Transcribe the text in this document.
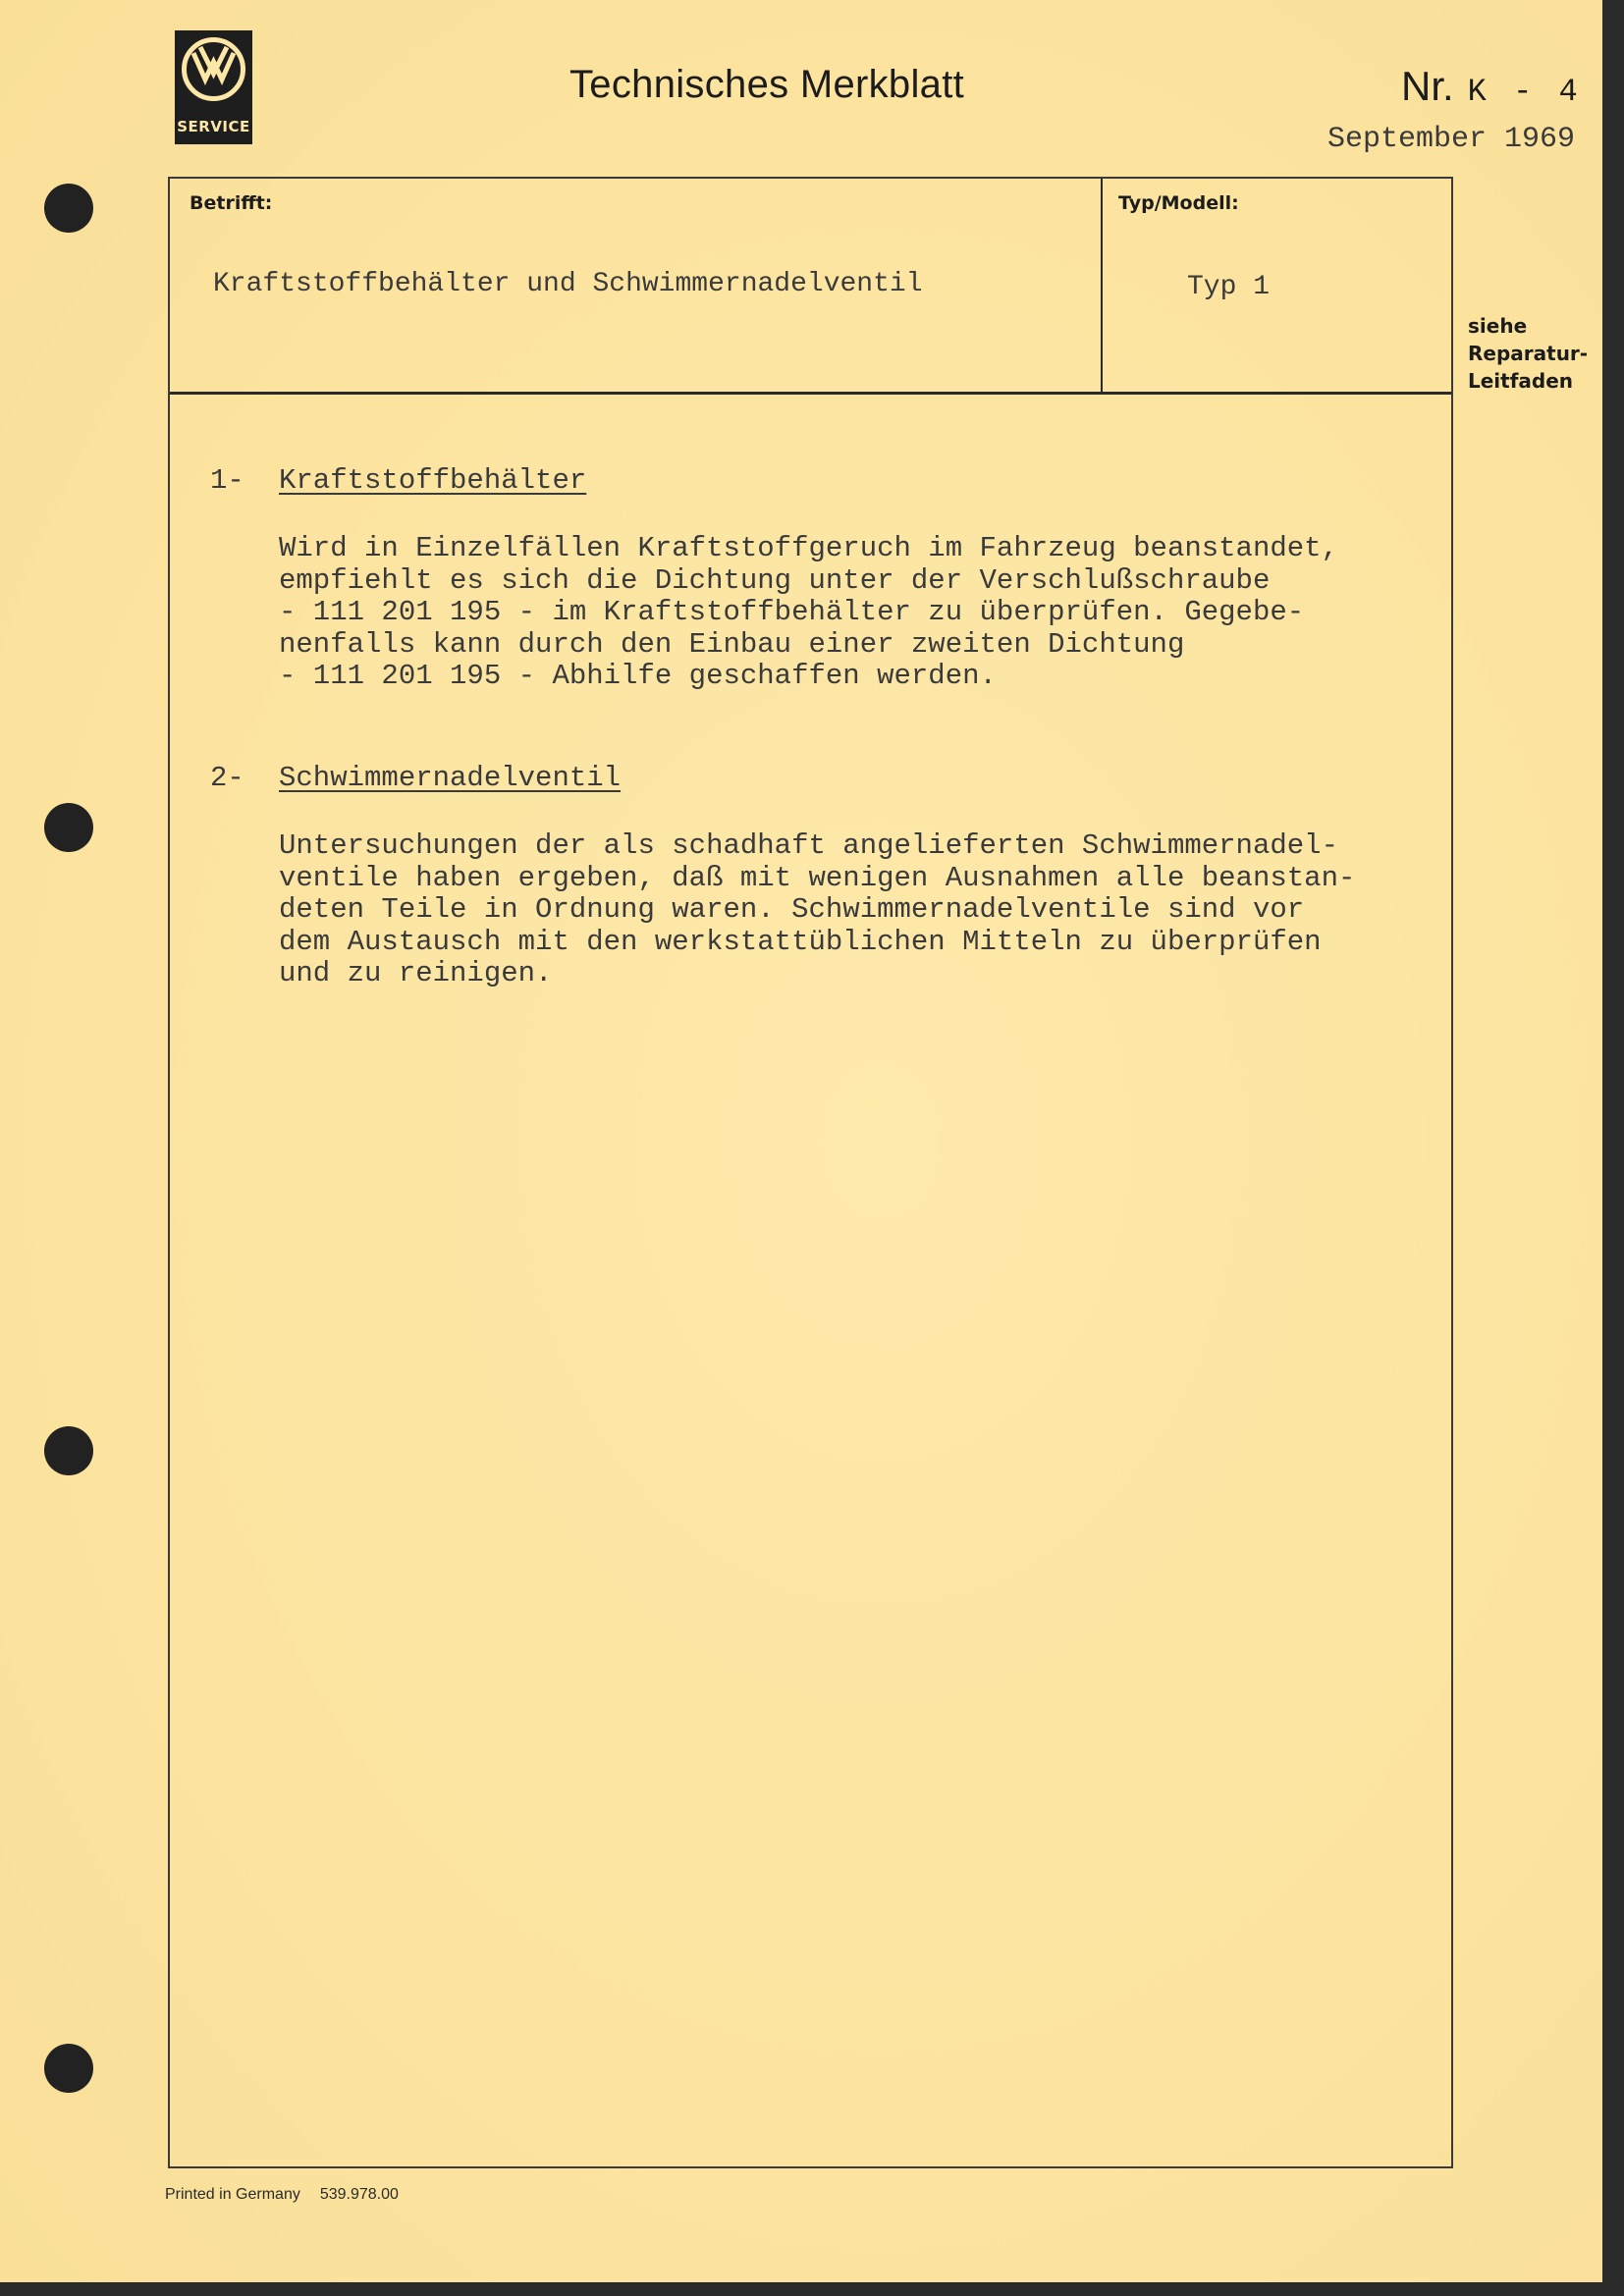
SERVICE
Technisches Merkblatt	Nr. K - 4
September 1969
Betrifft:	Typ/Modell:
Kraftstoffbehälter und Schwimmernadelventil	Typ 1
siehe
Reparatur-
Leitfaden
1- Kraftstoffbehälter
Wird in Einzelfällen Kraftstoffgeruch im Fahrzeug beanstandet,
empfiehlt es sich die Dichtung unter der Verschlußschraube
- 111 201 195 - im Kraftstoffbehälter zu überprüfen. Gegebe-
nenfalls kann durch den Einbau einer zweiten Dichtung
- 111 201 195 - Abhilfe geschaffen werden.
2- Schwimmernadelventil
Untersuchungen der als schadhaft angelieferten Schwimmernadel-
ventile haben ergeben, daß mit wenigen Ausnahmen alle beanstan-
deten Teile in Ordnung waren. Schwimmernadelventile sind vor
dem Austausch mit den werkstattüblichen Mitteln zu überprüfen
und zu reinigen.
Printed in Germany 539.978.00
